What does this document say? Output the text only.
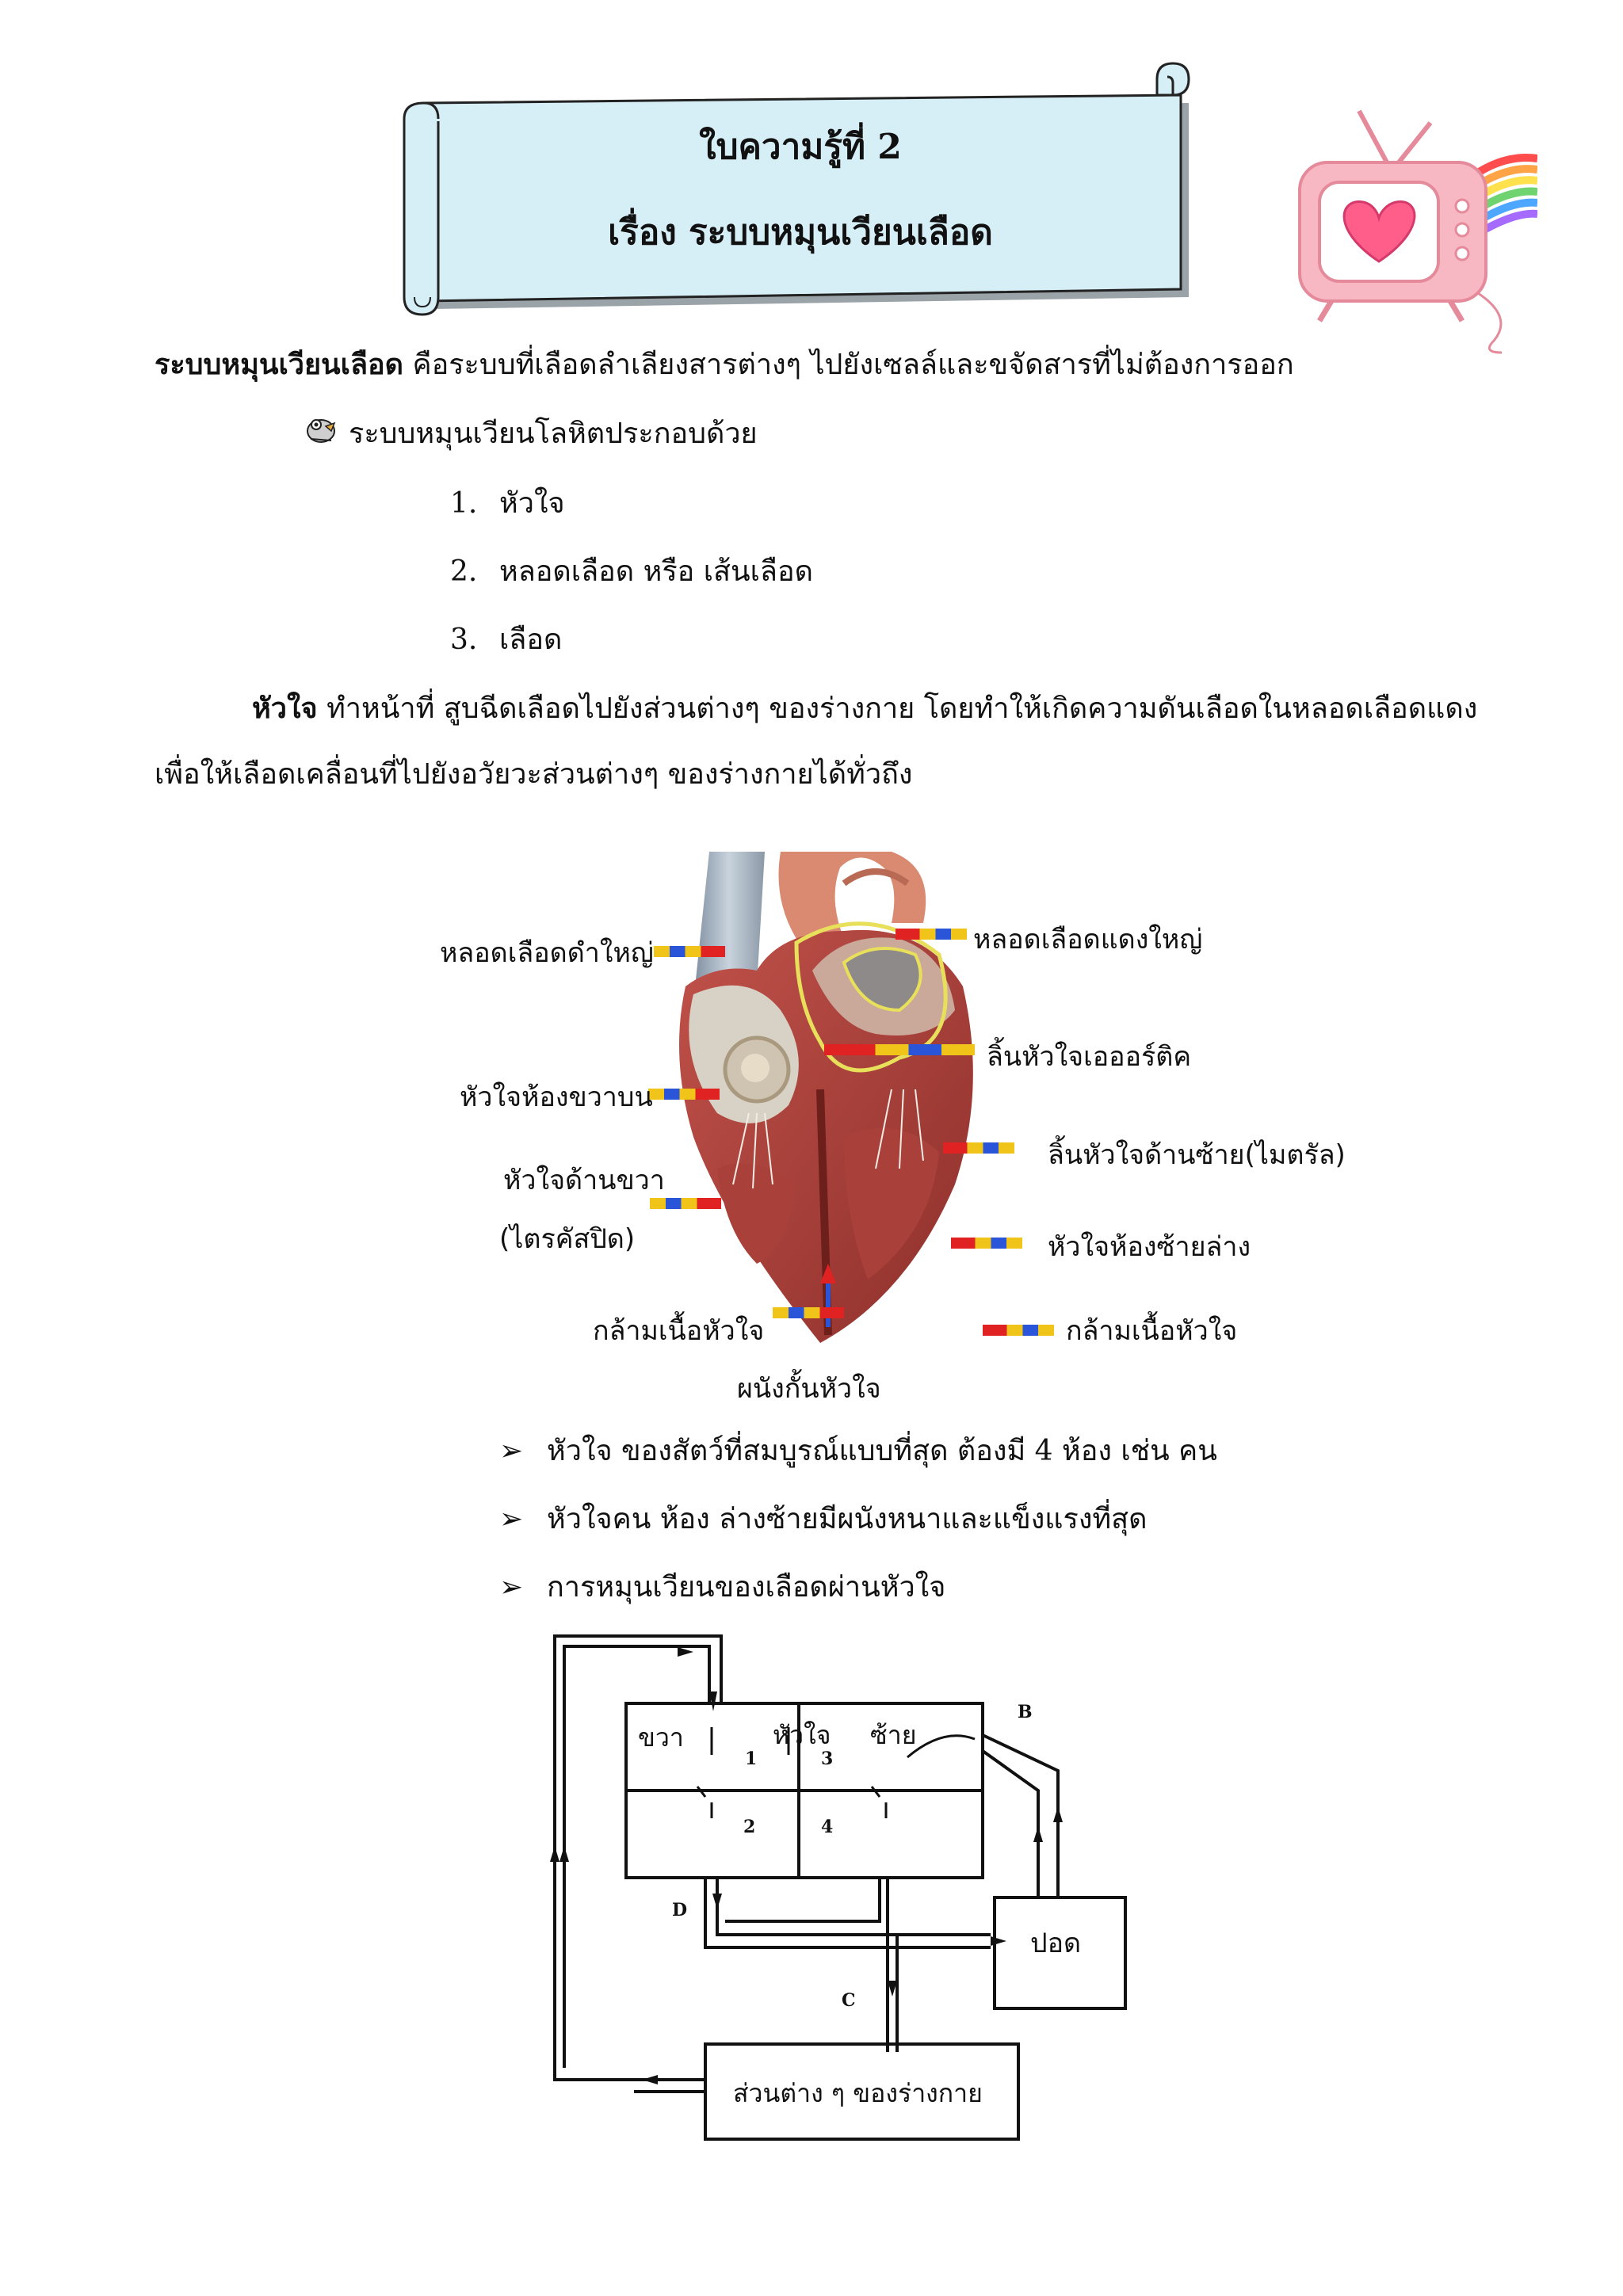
ใบความรู้ที่ 2
เรื่อง ระบบหมุนเวียนเลือด
ระบบหมุนเวียนเลือด คือระบบที่เลือดลำเลียงสารต่างๆ ไปยังเซลล์และขจัดสารที่ไม่ต้องการออก
ระบบหมุนเวียนโลหิตประกอบด้วย
1. หัวใจ
2. หลอดเลือด หรือ เส้นเลือด
3. เลือด
หัวใจ ทำหน้าที่ สูบฉีดเลือดไปยังส่วนต่างๆ ของร่างกาย โดยทำให้เกิดความดันเลือดในหลอดเลือดแดง
เพื่อให้เลือดเคลื่อนที่ไปยังอวัยวะส่วนต่างๆ ของร่างกายได้ทั่วถึง
หลอดเลือดดำใหญ่	หลอดเลือดแดงใหญ่
ลิ้นหัวใจเอออร์ติค
หัวใจห้องขวาบน
ลิ้นหัวใจด้านซ้าย(ไมตรัล)
หัวใจด้านขวา
(ไตรคัสปิด)	หัวใจห้องซ้ายล่าง
กล้ามเนื้อหัวใจ	กล้ามเนื้อหัวใจ
ผนังกั้นหัวใจ
➢ หัวใจ ของสัตว์ที่สมบูรณ์แบบที่สุด ต้องมี 4 ห้อง เช่น คน
➢ หัวใจคน ห้อง ล่างซ้ายมีผนังหนาและแข็งแรงที่สุด
➢ การหมุนเวียนของเลือดผ่านหัวใจ
ขวา	หัวใจ ซ้าย
1	3
2	4
B
D
C
ปอด
ส่วนต่าง ๆ ของร่างกาย
